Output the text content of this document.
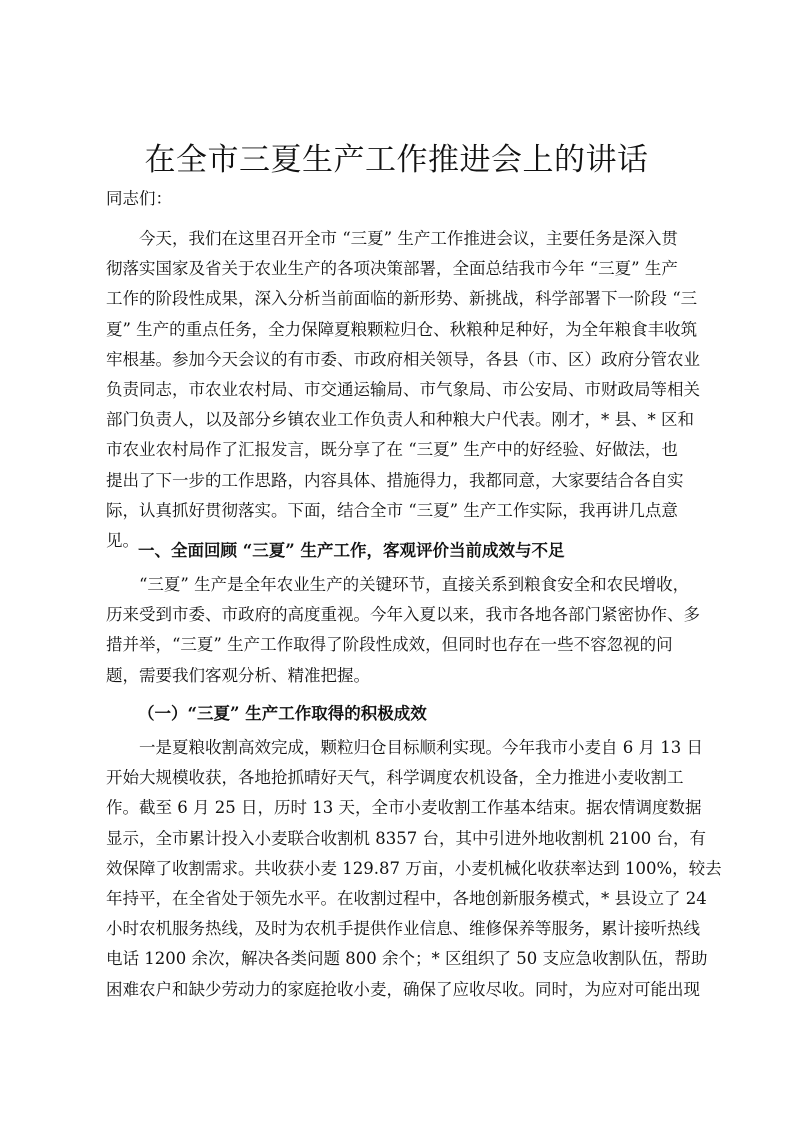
在全市三夏生产工作推进会上的讲话
同志们：
今天，我们在这里召开全市 “三夏” 生产工作推进会议，主要任务是深入贯
彻落实国家及省关于农业生产的各项决策部署，全面总结我市今年 “三夏” 生产
工作的阶段性成果，深入分析当前面临的新形势、新挑战，科学部署下一阶段 “三
夏” 生产的重点任务，全力保障夏粮颗粒归仓、秋粮种足种好，为全年粮食丰收筑
牢根基。参加今天会议的有市委、市政府相关领导，各县（市、区）政府分管农业
负责同志，市农业农村局、市交通运输局、市气象局、市公安局、市财政局等相关
部门负责人，以及部分乡镇农业工作负责人和种粮大户代表。刚才，* 县、* 区和
市农业农村局作了汇报发言，既分享了在 “三夏” 生产中的好经验、好做法，也
提出了下一步的工作思路，内容具体、措施得力，我都同意，大家要结合各自实
际，认真抓好贯彻落实。下面，结合全市 “三夏” 生产工作实际，我再讲几点意
见。
一、全面回顾 “三夏” 生产工作，客观评价当前成效与不足
“三夏” 生产是全年农业生产的关键环节，直接关系到粮食安全和农民增收，
历来受到市委、市政府的高度重视。今年入夏以来，我市各地各部门紧密协作、多
措并举，“三夏” 生产工作取得了阶段性成效，但同时也存在一些不容忽视的问
题，需要我们客观分析、精准把握。
（一）“三夏” 生产工作取得的积极成效
一是夏粮收割高效完成，颗粒归仓目标顺利实现。今年我市小麦自 6 月 13 日
开始大规模收获，各地抢抓晴好天气，科学调度农机设备，全力推进小麦收割工
作。截至 6 月 25 日，历时 13 天，全市小麦收割工作基本结束。据农情调度数据
显示，全市累计投入小麦联合收割机 8357 台，其中引进外地收割机 2100 台，有
效保障了收割需求。共收获小麦 129.87 万亩，小麦机械化收获率达到 100%，较去
年持平，在全省处于领先水平。在收割过程中，各地创新服务模式，* 县设立了 24
小时农机服务热线，及时为农机手提供作业信息、维修保养等服务，累计接听热线
电话 1200 余次，解决各类问题 800 余个；* 区组织了 50 支应急收割队伍，帮助
困难农户和缺少劳动力的家庭抢收小麦，确保了应收尽收。同时，为应对可能出现
